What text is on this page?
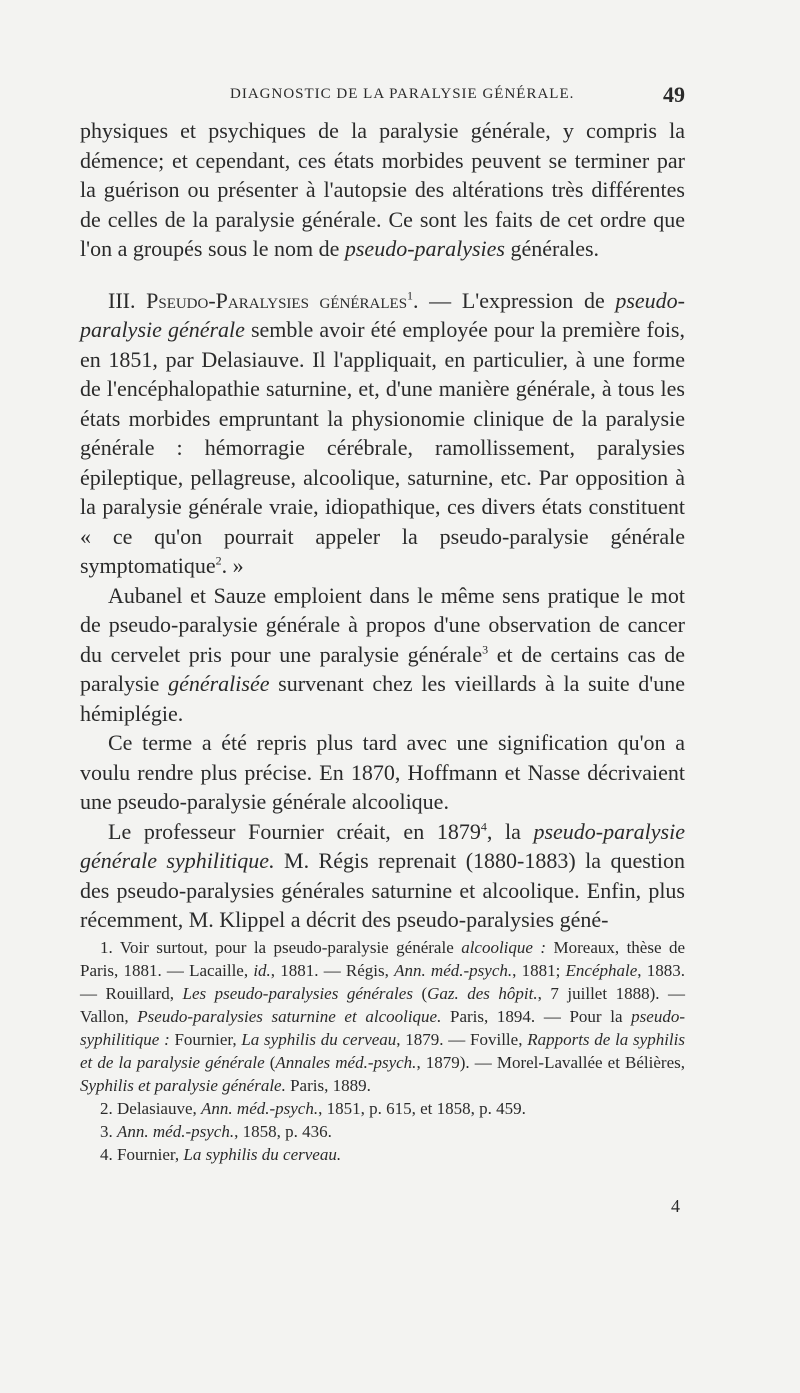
DIAGNOSTIC DE LA PARALYSIE GÉNÉRALE.	49

physiques et psychiques de la paralysie générale, y compris la démence; et cependant, ces états morbides peuvent se terminer par la guérison ou présenter à l'autopsie des altérations très différentes de celles de la paralysie générale. Ce sont les faits de cet ordre que l'on a groupés sous le nom de pseudo-paralysies générales.

III. Pseudo-Paralysies générales$^1$. — L'expression de pseudo-paralysie générale semble avoir été employée pour la première fois, en 1851, par Delasiauve. Il l'appliquait, en particulier, à une forme de l'encéphalopathie saturnine, et, d'une manière générale, à tous les états morbides empruntant la physionomie clinique de la paralysie générale : hémorragie cérébrale, ramollissement, paralysies épileptique, pellagreuse, alcoolique, saturnine, etc. Par opposition à la paralysie générale vraie, idiopathique, ces divers états constituent « ce qu'on pourrait appeler la pseudo-paralysie générale symptomatique$^2$. »

Aubanel et Sauze emploient dans le même sens pratique le mot de pseudo-paralysie générale à propos d'une observation de cancer du cervelet pris pour une paralysie générale$^3$ et de certains cas de paralysie généralisée survenant chez les vieillards à la suite d'une hémiplégie.

Ce terme a été repris plus tard avec une signification qu'on a voulu rendre plus précise. En 1870, Hoffmann et Nasse décrivaient une pseudo-paralysie générale alcoolique.

Le professeur Fournier créait, en 1879$^4$, la pseudo-paralysie générale syphilitique. M. Régis reprenait (1880-1883) la question des pseudo-paralysies générales saturnine et alcoolique. Enfin, plus récemment, M. Klippel a décrit des pseudo-paralysies géné-

1. Voir surtout, pour la pseudo-paralysie générale alcoolique : Moreaux, thèse de Paris, 1881. — Lacaille, id., 1881. — Régis, Ann. méd.-psych., 1881; Encéphale, 1883. — Rouillard, Les pseudo-paralysies générales (Gaz. des hôpit., 7 juillet 1888). —Vallon, Pseudo-paralysies saturnine et alcoolique. Paris, 1894. — Pour la pseudo-syphilitique : Fournier, La syphilis du cerveau, 1879. — Foville, Rapports de la syphilis et de la paralysie générale (Annales méd.-psych., 1879). — Morel-Lavallée et Bélières, Syphilis et paralysie générale. Paris, 1889.

2. Delasiauve, Ann. méd.-psych., 1851, p. 615, et 1858, p. 459.

3. Ann. méd.-psych., 1858, p. 436.

4. Fournier, La syphilis du cerveau.

4
